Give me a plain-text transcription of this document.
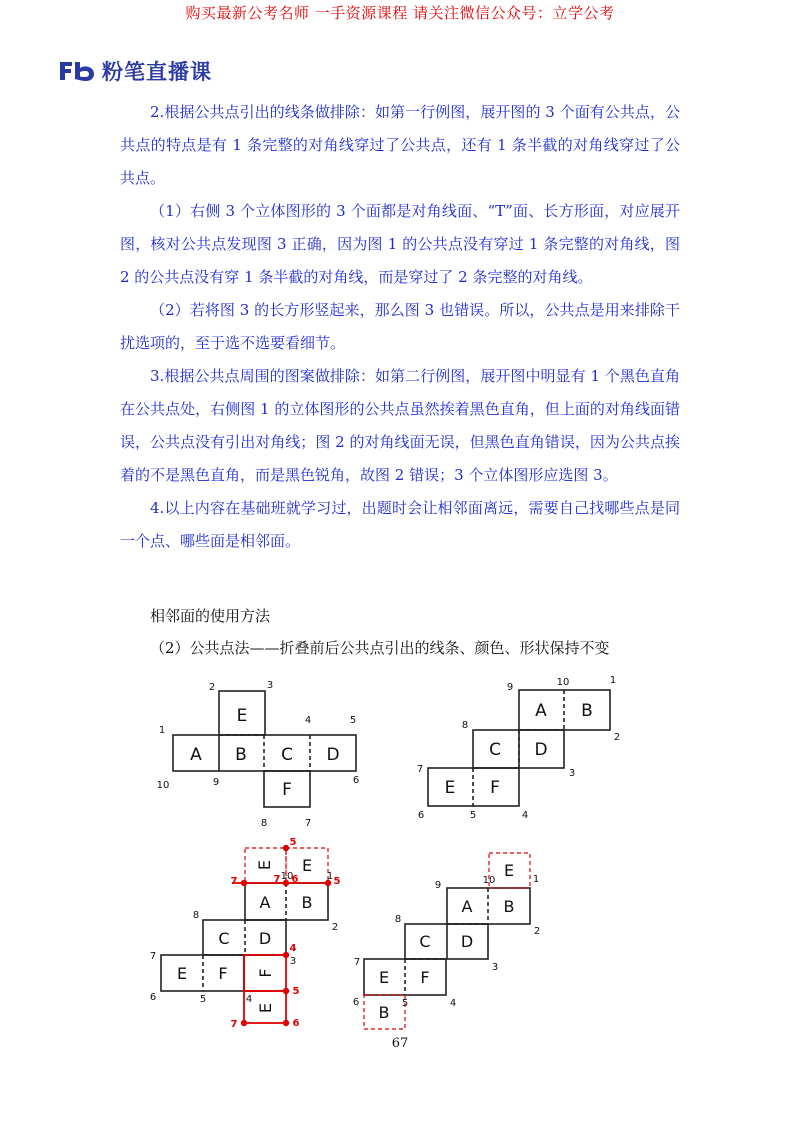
购买最新公考名师 一手资源课程 请关注微信公众号：立学公考
粉笔直播课

2.根据公共点引出的线条做排除：如第一行例图，展开图的 3 个面有公共点，公共点的特点是有 1 条完整的对角线穿过了公共点，还有 1 条半截的对角线穿过了公共点。

（1）右侧 3 个立体图形的 3 个面都是对角线面、“T”面、长方形面，对应展开图，核对公共点发现图 3 正确，因为图 1 的公共点没有穿过 1 条完整的对角线，图 2 的公共点没有穿 1 条半截的对角线，而是穿过了 2 条完整的对角线。

（2）若将图 3 的长方形竖起来，那么图 3 也错误。所以，公共点是用来排除干扰选项的，至于选不选要看细节。

3.根据公共点周围的图案做排除：如第二行例图，展开图中明显有 1 个黑色直角在公共点处，右侧图 1 的立体图形的公共点虽然挨着黑色直角，但上面的对角线面错误，公共点没有引出对角线；图 2 的对角线面无误，但黑色直角错误，因为公共点挨着的不是黑色直角，而是黑色锐角，故图 2 错误；3 个立体图形应选图 3。

4.以上内容在基础班就学习过，出题时会让相邻面离远，需要自己找哪些点是同一个点、哪些面是相邻面。

相邻面的使用方法
（2）公共点法——折叠前后公共点引出的线条、颜色、形状保持不变
E
A B C D
F
2	3
1
4	5
10	9	6
8	7
A B
C D
E F
9	10	1
8
2
7	3
6	5	4
E E
A B
C D
E F F
E
5
7	7 10
6	1 5
8
2
4
3
7
6	5	4
5
7	6
E
A B
C D
E F
B
9	10	1
8
2
7	3
6	5	4
67
